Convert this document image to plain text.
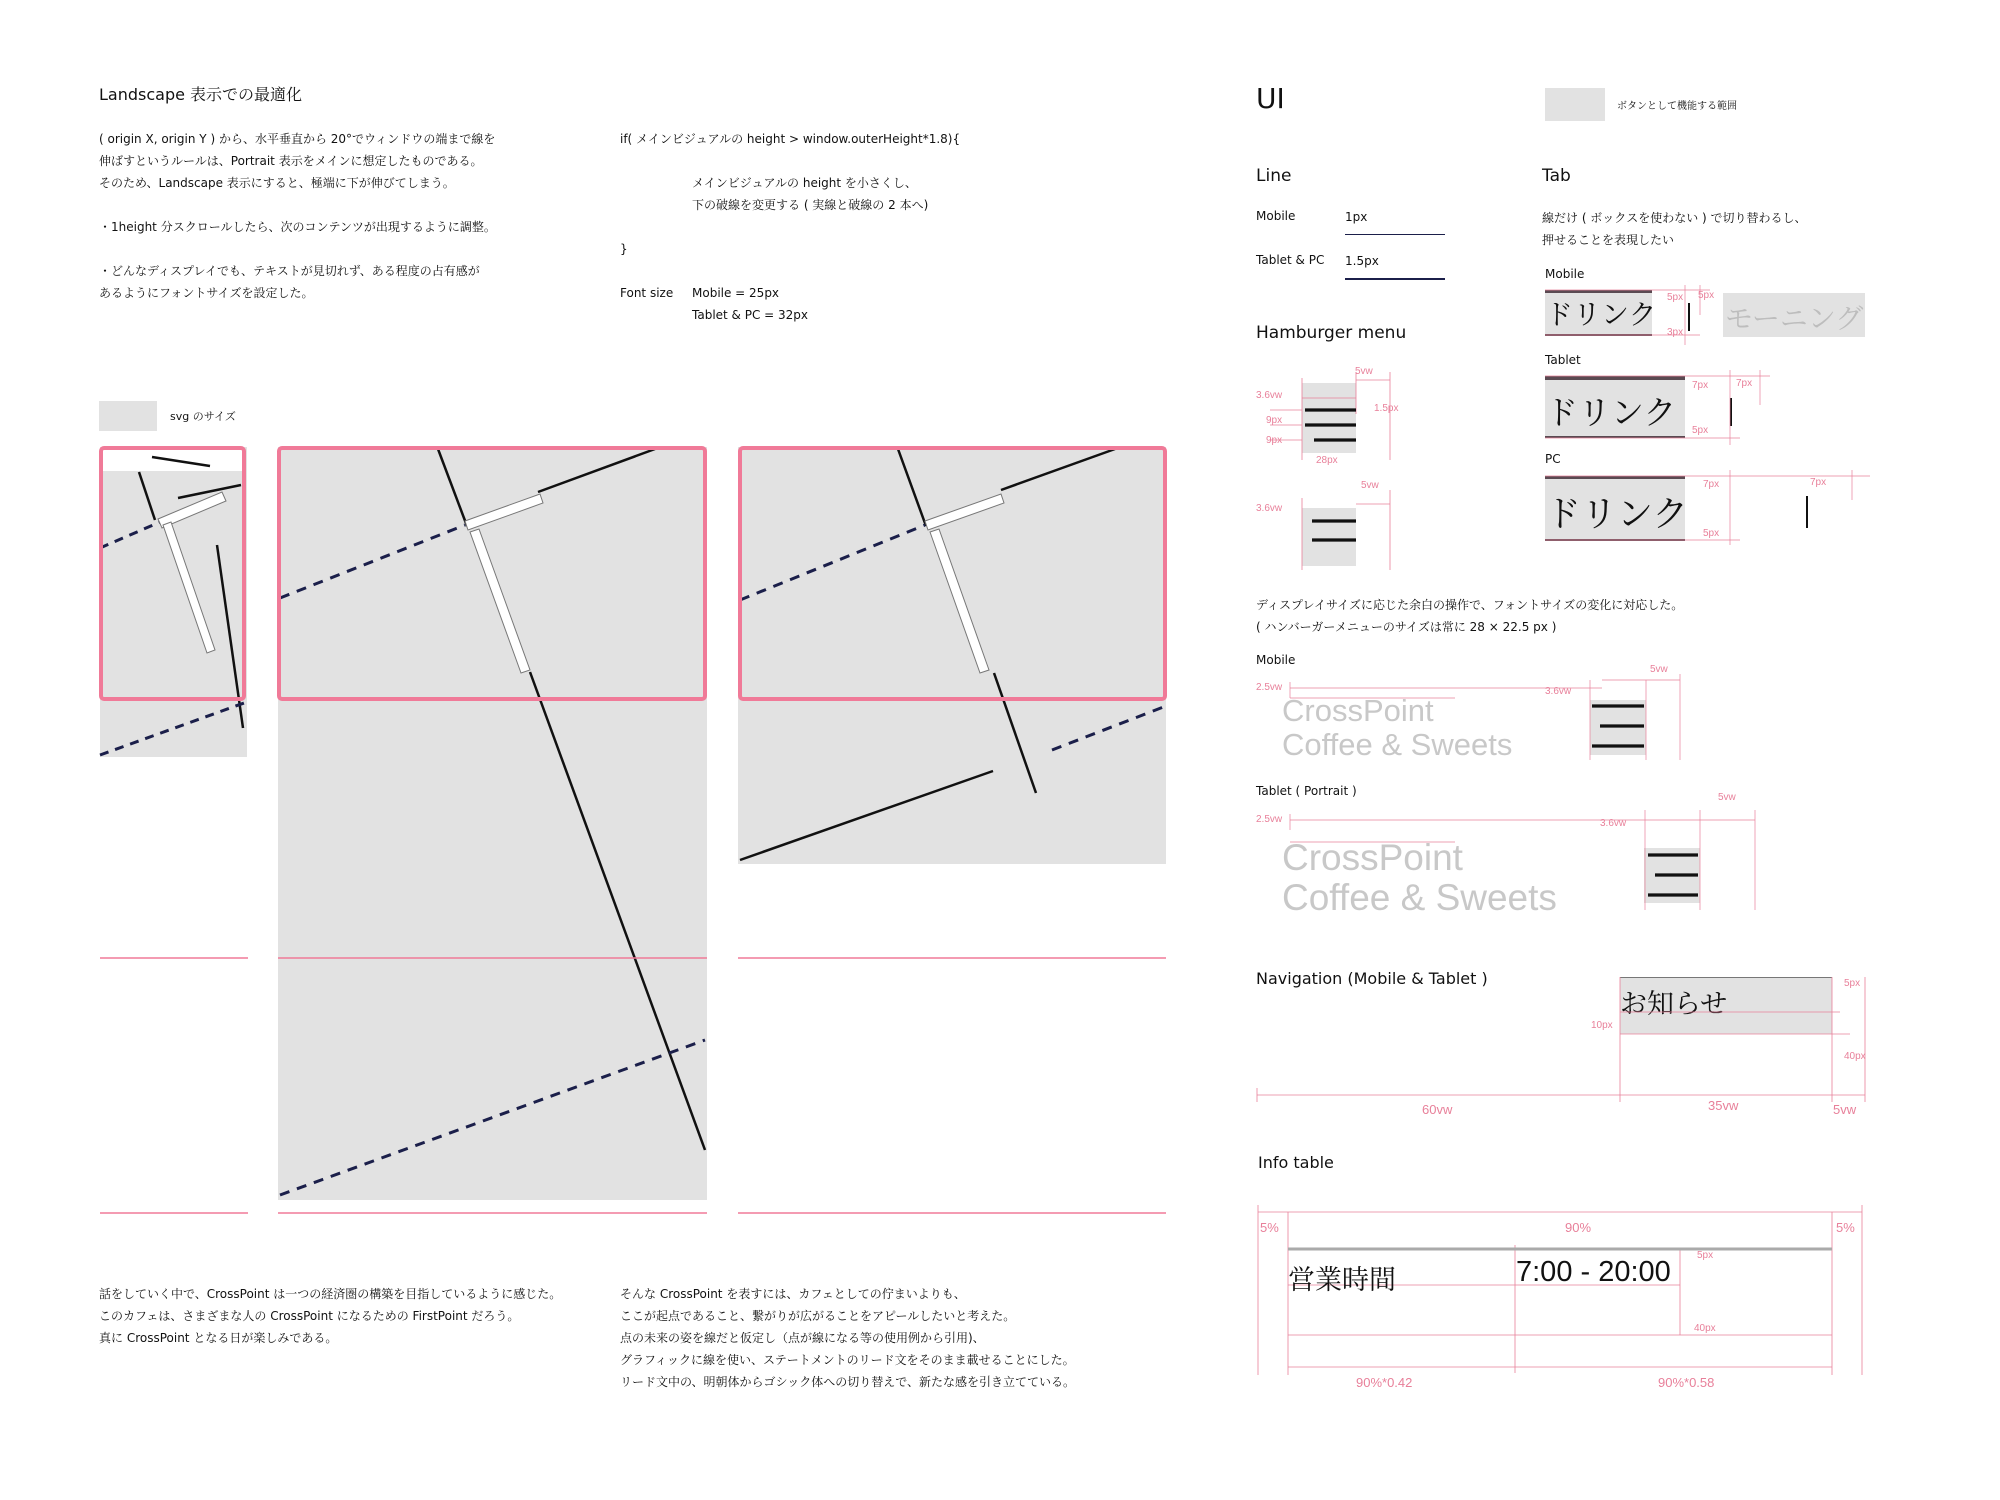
Landscape 表示での最適化
( origin X, origin Y ) から、水平垂直から 20°でウィンドウの端まで線を
伸ばすというルールは、Portrait 表示をメインに想定したものである。
そのため、Landscape 表示にすると、極端に下が伸びてしまう。
・1height 分スクロールしたら、次のコンテンツが出現するように調整。
・どんなディスプレイでも、テキストが見切れず、ある程度の占有感が
あるようにフォントサイズを設定した。
if( メインビジュアルの height > window.outerHeight*1.8){
メインビジュアルの height を小さくし、
下の破線を変更する ( 実線と破線の 2 本へ)
}
Font size	Mobile = 25px
Tablet & PC = 32px
svg のサイズ
話をしていく中で、CrossPoint は一つの経済圏の構築を目指しているように感じた。
このカフェは、さまざまな人の CrossPoint になるための FirstPoint だろう。
真に CrossPoint となる日が楽しみである。
そんな CrossPoint を表すには、カフェとしての佇まいよりも、
ここが起点であること、繋がりが広がることをアピールしたいと考えた。
点の未来の姿を線だと仮定し（点が線になる等の使用例から引用)、
グラフィックに線を使い、ステートメントのリード文をそのまま載せることにした。
リード文中の、明朝体からゴシック体への切り替えで、新たな感を引き立てている。
UI	ボタンとして機能する範囲
Line
Mobile	1px
Tablet & PC 1.5px
Hamburger menu
5vw
3.6vw
1.5px
9px
9px
28px
5vw
3.6vw
Tab
線だけ ( ボックスを使わない ) で切り替わるし、
押せることを表現したい
Mobile
ドリンク モーニング
5px 5px
3px
Tablet
ドリンク
7px	7px
5px
PC
ドリンク
7px	7px
5px
ディスプレイサイズに応じた余白の操作で、フォントサイズの変化に対応した。
( ハンバーガーメニューのサイズは常に 28 × 22.5 px )
Mobile
CrossPoint
Coffee & Sweets
2.5vw	3.6vw
5vw
Tablet ( Portrait )
CrossPoint
Coffee & Sweets
2.5vw	3.6vw
5vw
Navigation (Mobile & Tablet )
お知らせ
5px
10px
40px
60vw	35vw	5vw
Info table
5%	90%	5%
営業時間	7:00 - 20:00
5px
40px
90%*0.42	90%*0.58
